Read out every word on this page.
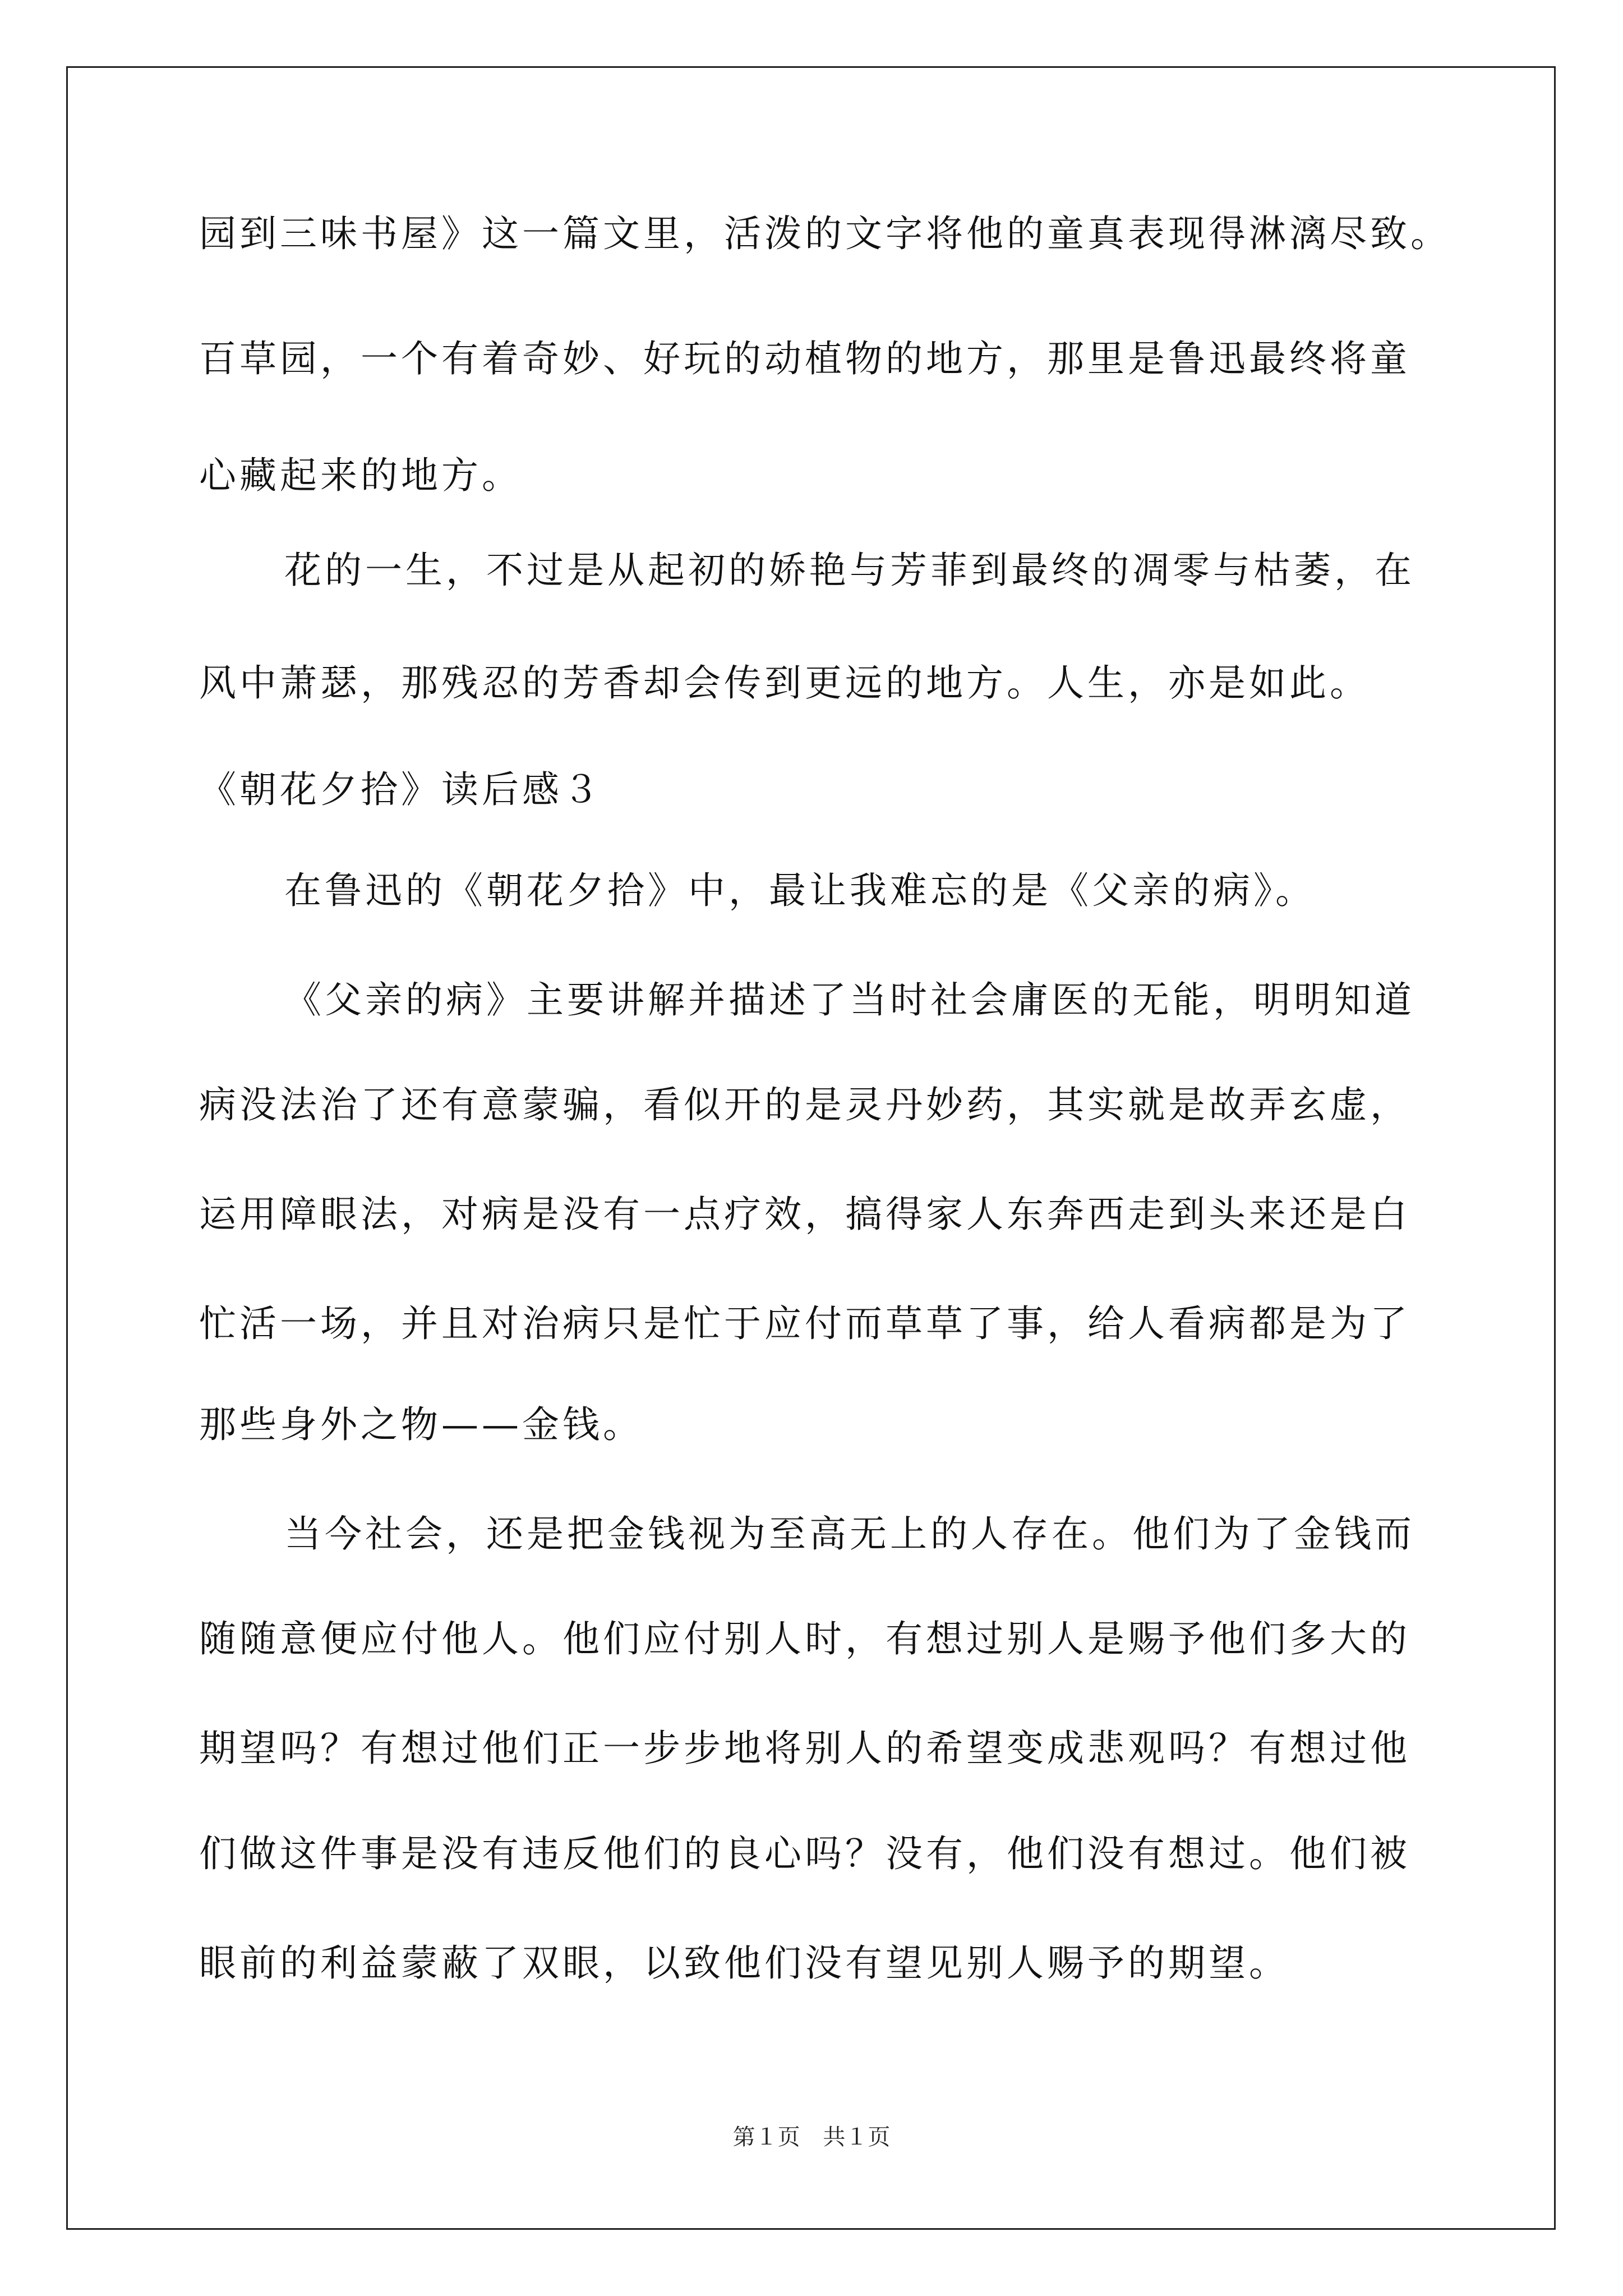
园到三味书屋》这一篇文里，活泼的文字将他的童真表现得淋漓尽致。
百草园，一个有着奇妙、好玩的动植物的地方，那里是鲁迅最终将童
心藏起来的地方。
花的一生，不过是从起初的娇艳与芳菲到最终的凋零与枯萎，在
风中萧瑟，那残忍的芳香却会传到更远的地方。人生，亦是如此。
《朝花夕拾》读后感３
在鲁迅的《朝花夕拾》中，最让我难忘的是《父亲的病》。
《父亲的病》主要讲解并描述了当时社会庸医的无能，明明知道
病没法治了还有意蒙骗，看似开的是灵丹妙药，其实就是故弄玄虚，
运用障眼法，对病是没有一点疗效，搞得家人东奔西走到头来还是白
忙活一场，并且对治病只是忙于应付而草草了事，给人看病都是为了
那些身外之物——金钱。
当今社会，还是把金钱视为至高无上的人存在。他们为了金钱而
随随意便应付他人。他们应付别人时，有想过别人是赐予他们多大的
期望吗？有想过他们正一步步地将别人的希望变成悲观吗？有想过他
们做这件事是没有违反他们的良心吗？没有，他们没有想过。他们被
眼前的利益蒙蔽了双眼，以致他们没有望见别人赐予的期望。
第１页 共１页
